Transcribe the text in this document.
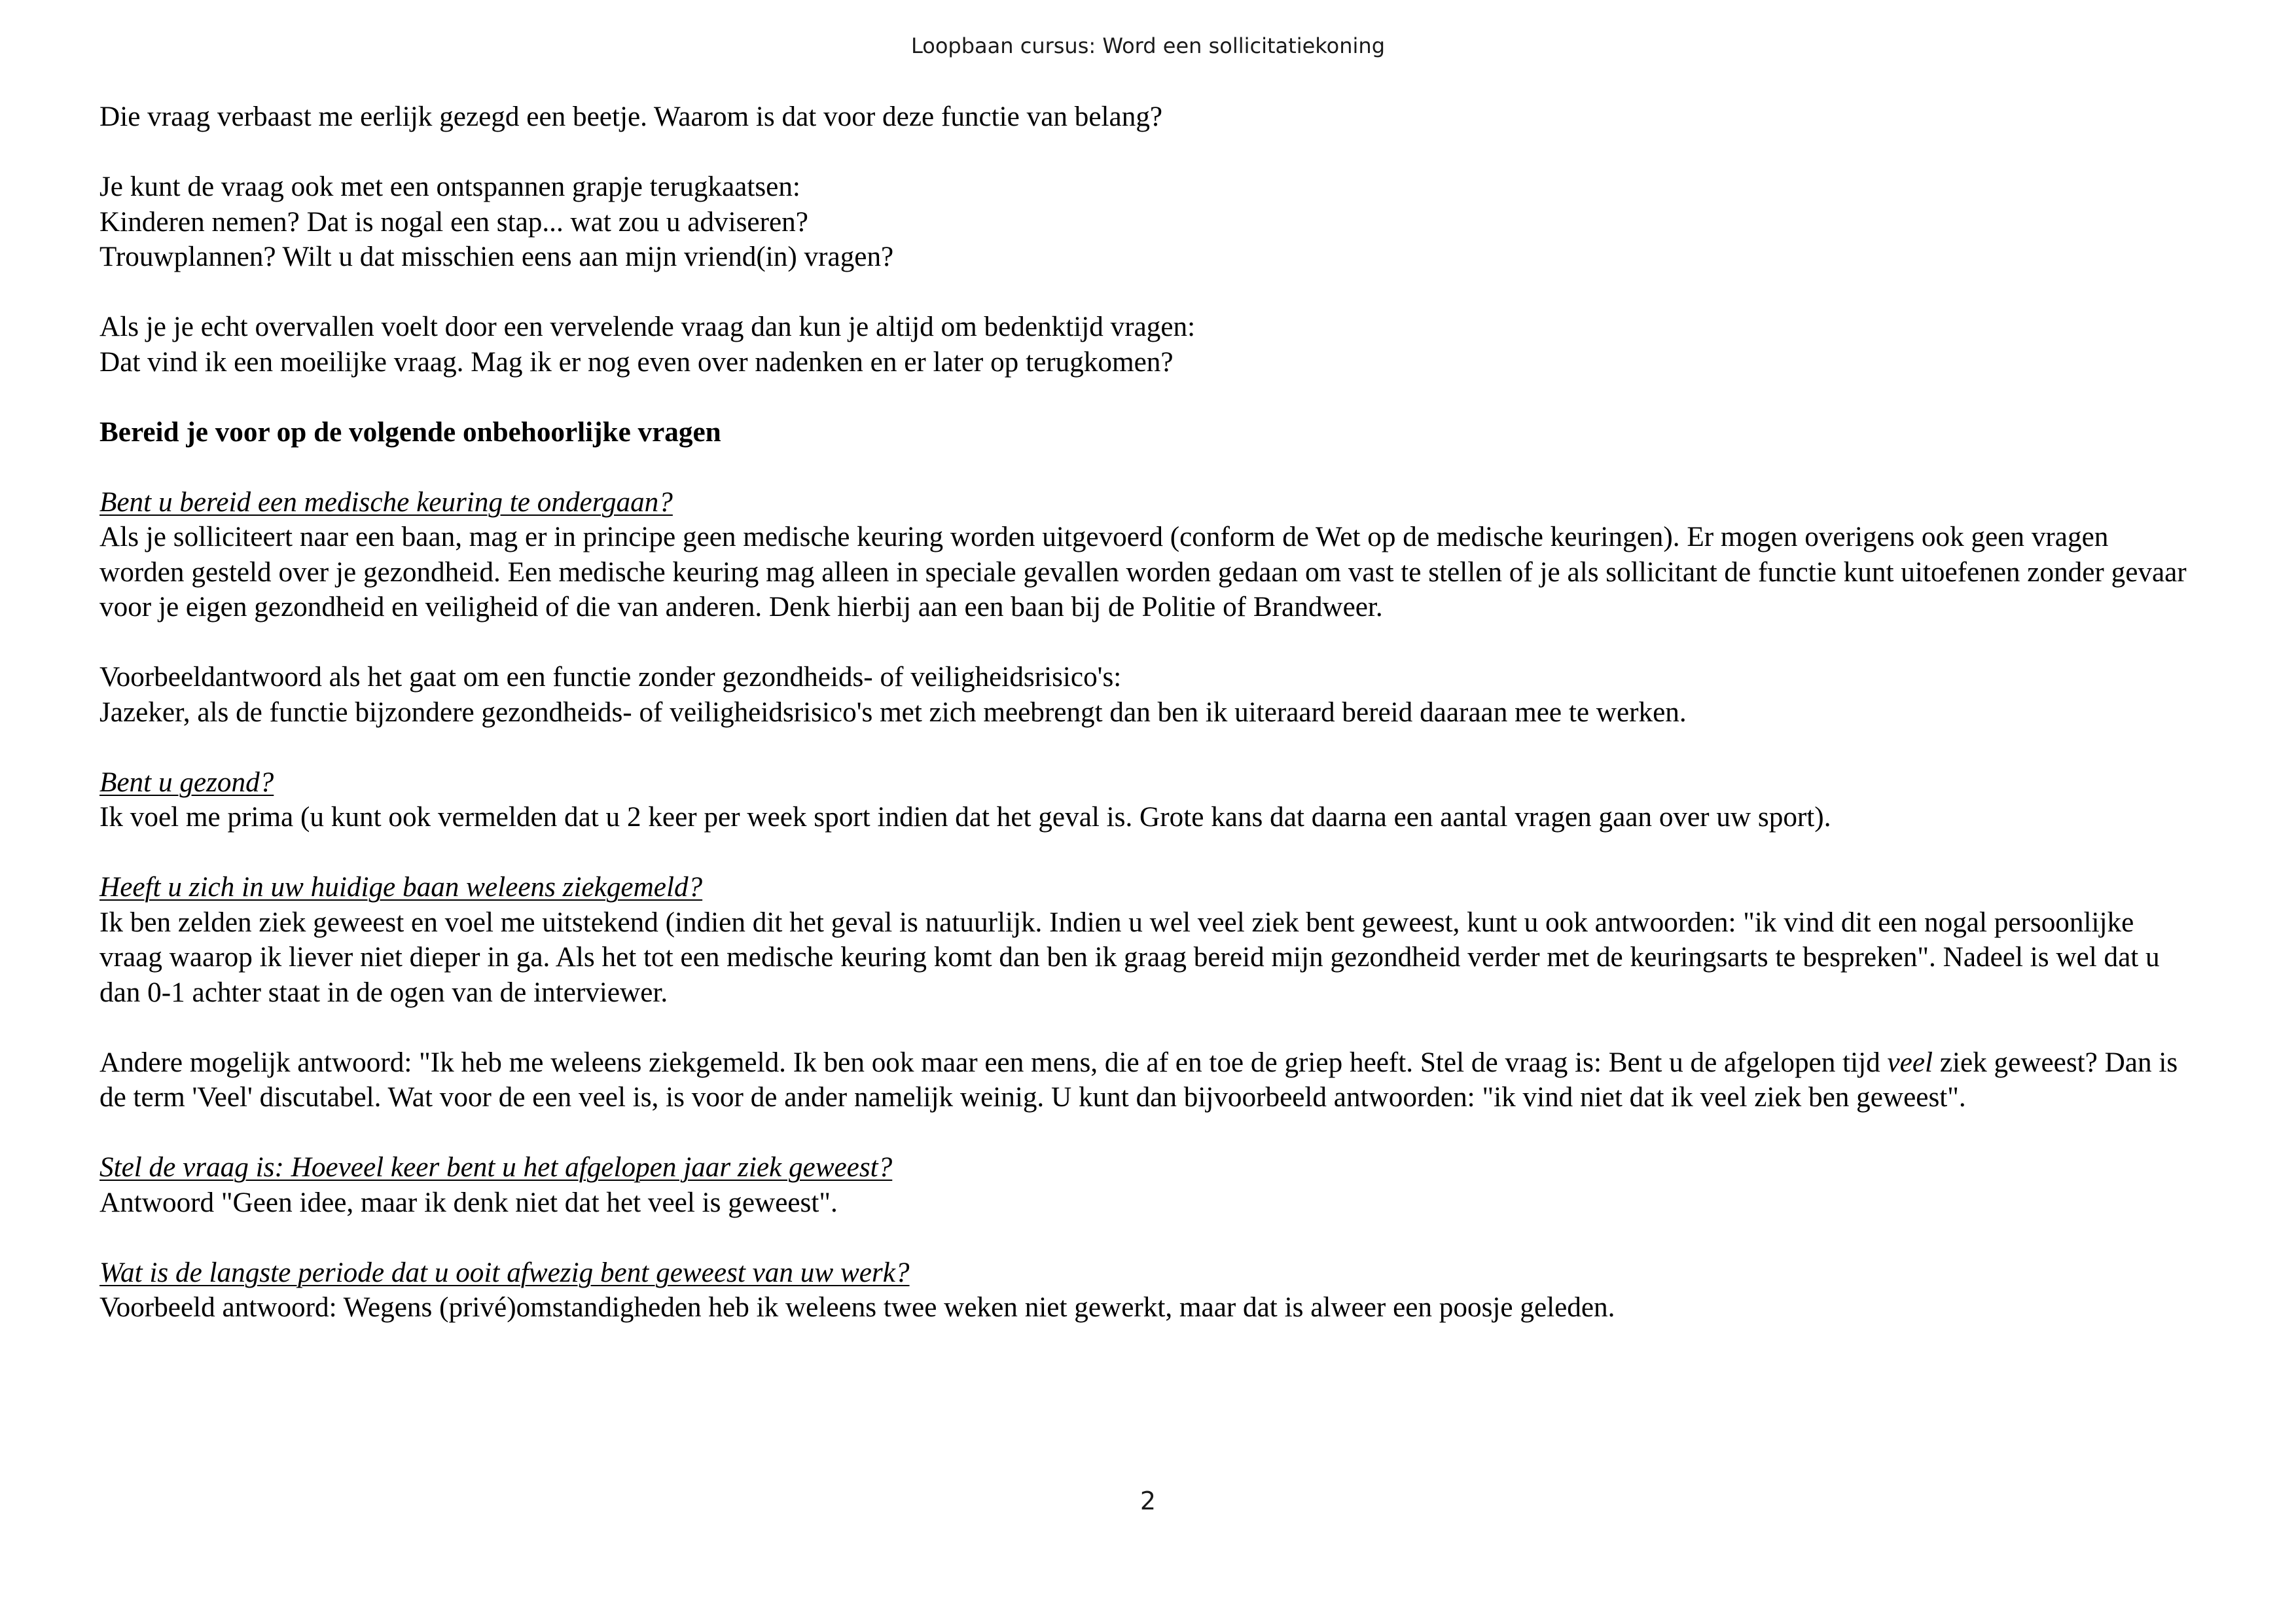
Loopbaan cursus: Word een sollicitatiekoning

Die vraag verbaast me eerlijk gezegd een beetje. Waarom is dat voor deze functie van belang?

Je kunt de vraag ook met een ontspannen grapje terugkaatsen:
Kinderen nemen? Dat is nogal een stap... wat zou u adviseren?
Trouwplannen? Wilt u dat misschien eens aan mijn vriend(in) vragen?

Als je je echt overvallen voelt door een vervelende vraag dan kun je altijd om bedenktijd vragen:
Dat vind ik een moeilijke vraag. Mag ik er nog even over nadenken en er later op terugkomen?

Bereid je voor op de volgende onbehoorlijke vragen

Bent u bereid een medische keuring te ondergaan?
Als je solliciteert naar een baan, mag er in principe geen medische keuring worden uitgevoerd (conform de Wet op de medische keuringen). Er mogen overigens ook geen vragen worden gesteld over je gezondheid. Een medische keuring mag alleen in speciale gevallen worden gedaan om vast te stellen of je als sollicitant de functie kunt uitoefenen zonder gevaar voor je eigen gezondheid en veiligheid of die van anderen. Denk hierbij aan een baan bij de Politie of Brandweer.

Voorbeeldantwoord als het gaat om een functie zonder gezondheids- of veiligheidsrisico's:
Jazeker, als de functie bijzondere gezondheids- of veiligheidsrisico's met zich meebrengt dan ben ik uiteraard bereid daaraan mee te werken.

Bent u gezond?
Ik voel me prima (u kunt ook vermelden dat u 2 keer per week sport indien dat het geval is. Grote kans dat daarna een aantal vragen gaan over uw sport).

Heeft u zich in uw huidige baan weleens ziekgemeld?
Ik ben zelden ziek geweest en voel me uitstekend (indien dit het geval is natuurlijk. Indien u wel veel ziek bent geweest, kunt u ook antwoorden: "ik vind dit een nogal persoonlijke vraag waarop ik liever niet dieper in ga. Als het tot een medische keuring komt dan ben ik graag bereid mijn gezondheid verder met de keuringsarts te bespreken". Nadeel is wel dat u dan 0-1 achter staat in de ogen van de interviewer.

Andere mogelijk antwoord: "Ik heb me weleens ziekgemeld. Ik ben ook maar een mens, die af en toe de griep heeft. Stel de vraag is: Bent u de afgelopen tijd veel ziek geweest? Dan is de term 'Veel' discutabel. Wat voor de een veel is, is voor de ander namelijk weinig. U kunt dan bijvoorbeeld antwoorden: "ik vind niet dat ik veel ziek ben geweest".

Stel de vraag is: Hoeveel keer bent u het afgelopen jaar ziek geweest?
Antwoord "Geen idee, maar ik denk niet dat het veel is geweest".

Wat is de langste periode dat u ooit afwezig bent geweest van uw werk?
Voorbeeld antwoord: Wegens (privé)omstandigheden heb ik weleens twee weken niet gewerkt, maar dat is alweer een poosje geleden.

2
